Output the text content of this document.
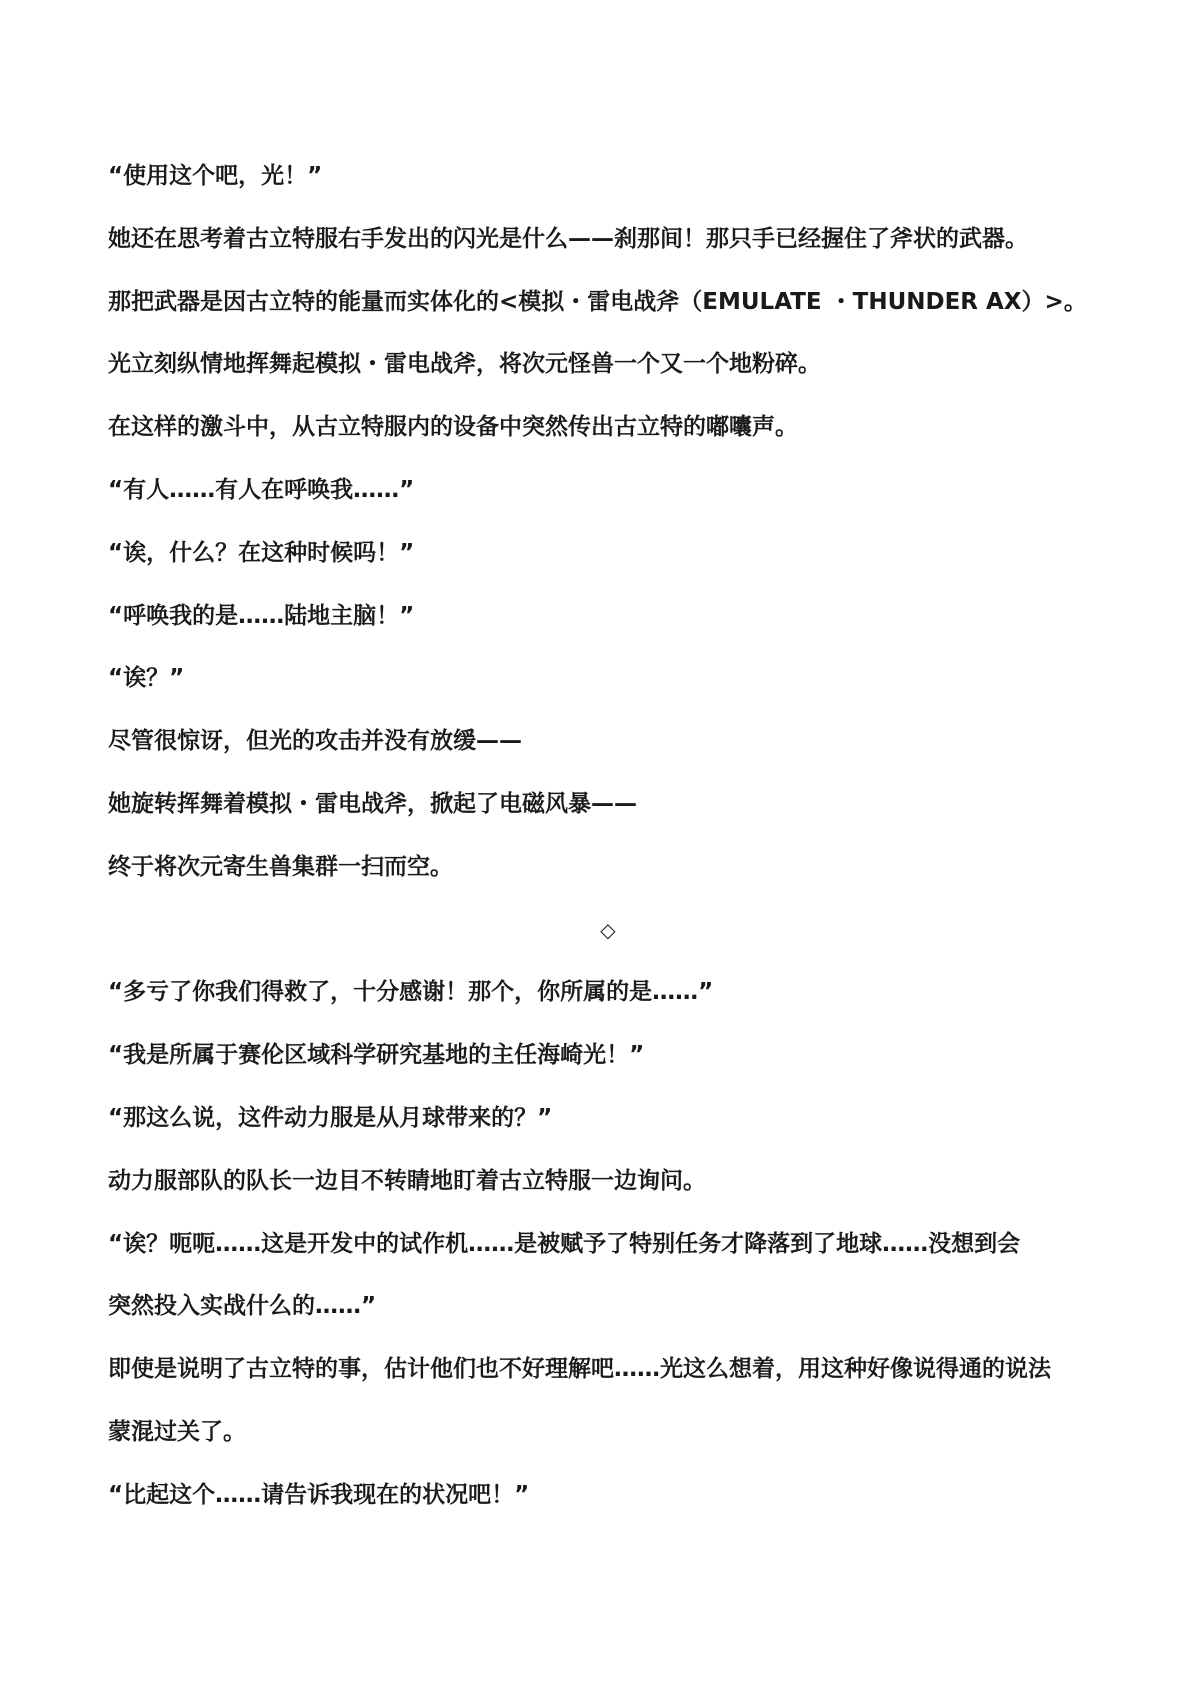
“使用这个吧，光！”
她还在思考着古立特服右手发出的闪光是什么——刹那间！那只手已经握住了斧状的武器。
那把武器是因古立特的能量而实体化的<模拟・雷电战斧（EMULATE ・THUNDER AX）>。
光立刻纵情地挥舞起模拟・雷电战斧，将次元怪兽一个又一个地粉碎。
在这样的激斗中，从古立特服内的设备中突然传出古立特的嘟囔声。
“有人……有人在呼唤我……”
“诶，什么？在这种时候吗！”
“呼唤我的是……陆地主脑！”
“诶？”
尽管很惊讶，但光的攻击并没有放缓——
她旋转挥舞着模拟・雷电战斧，掀起了电磁风暴——
终于将次元寄生兽集群一扫而空。
◇
“多亏了你我们得救了，十分感谢！那个，你所属的是……”
“我是所属于赛伦区域科学研究基地的主任海崎光！”
“那这么说，这件动力服是从月球带来的？”
动力服部队的队长一边目不转睛地盯着古立特服一边询问。
“诶？呃呃……这是开发中的试作机……是被赋予了特别任务才降落到了地球……没想到会
突然投入实战什么的……”
即使是说明了古立特的事，估计他们也不好理解吧……光这么想着，用这种好像说得通的说法
蒙混过关了。
“比起这个……请告诉我现在的状况吧！”
